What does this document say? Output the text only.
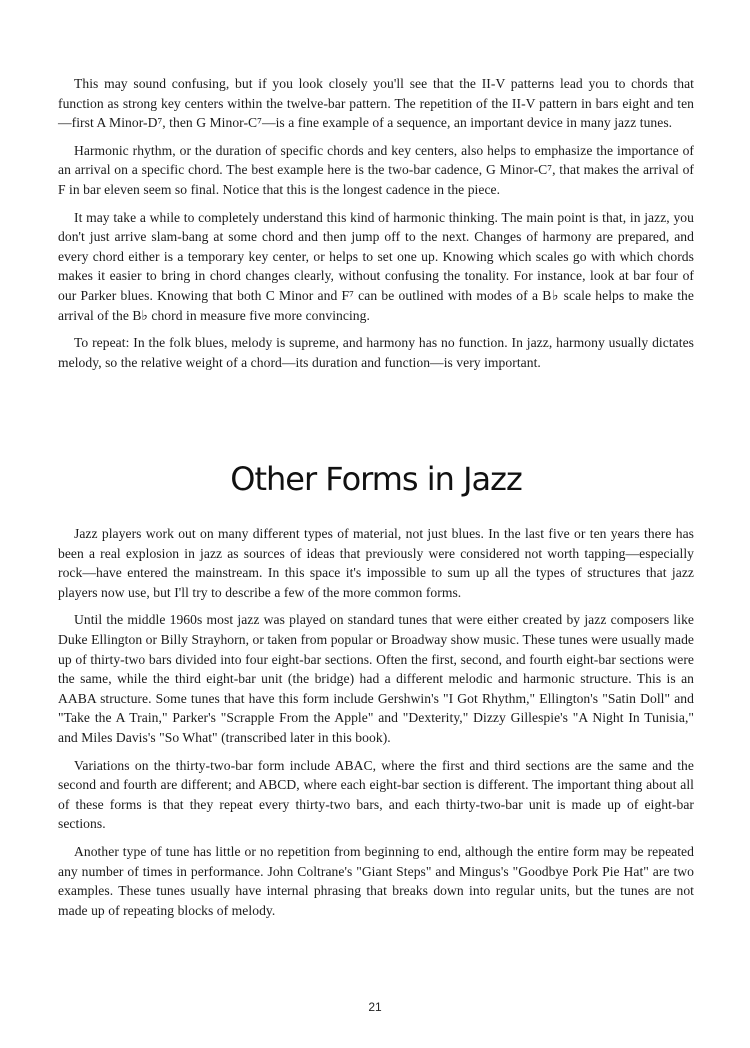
This may sound confusing, but if you look closely you'll see that the II-V patterns lead you to chords that function as strong key centers within the twelve-bar pattern. The repetition of the II-V pattern in bars eight and ten—first A Minor-D⁷, then G Minor-C⁷—is a fine example of a sequence, an important device in many jazz tunes.

Harmonic rhythm, or the duration of specific chords and key centers, also helps to emphasize the importance of an arrival on a specific chord. The best example here is the two-bar cadence, G Minor-C⁷, that makes the arrival of F in bar eleven seem so final. Notice that this is the longest cadence in the piece.

It may take a while to completely understand this kind of harmonic thinking. The main point is that, in jazz, you don't just arrive slam-bang at some chord and then jump off to the next. Changes of harmony are prepared, and every chord either is a temporary key center, or helps to set one up. Knowing which scales go with which chords makes it easier to bring in chord changes clearly, without confusing the tonality. For instance, look at bar four of our Parker blues. Knowing that both C Minor and F⁷ can be outlined with modes of a B♭ scale helps to make the arrival of the B♭ chord in measure five more convincing.

To repeat: In the folk blues, melody is supreme, and harmony has no function. In jazz, harmony usually dictates melody, so the relative weight of a chord—its duration and function—is very important.

Other Forms in Jazz

Jazz players work out on many different types of material, not just blues. In the last five or ten years there has been a real explosion in jazz as sources of ideas that previously were considered not worth tapping—especially rock—have entered the mainstream. In this space it's impossible to sum up all the types of structures that jazz players now use, but I'll try to describe a few of the more common forms.

Until the middle 1960s most jazz was played on standard tunes that were either created by jazz composers like Duke Ellington or Billy Strayhorn, or taken from popular or Broadway show music. These tunes were usually made up of thirty-two bars divided into four eight-bar sections. Often the first, second, and fourth eight-bar sections were the same, while the third eight-bar unit (the bridge) had a different melodic and harmonic structure. This is an AABA structure. Some tunes that have this form include Gershwin's "I Got Rhythm," Ellington's "Satin Doll" and "Take the A Train," Parker's "Scrapple From the Apple" and "Dexterity," Dizzy Gillespie's "A Night In Tunisia," and Miles Davis's "So What" (transcribed later in this book).

Variations on the thirty-two-bar form include ABAC, where the first and third sections are the same and the second and fourth are different; and ABCD, where each eight-bar section is different. The important thing about all of these forms is that they repeat every thirty-two bars, and each thirty-two-bar unit is made up of eight-bar sections.

Another type of tune has little or no repetition from beginning to end, although the entire form may be repeated any number of times in performance. John Coltrane's "Giant Steps" and Mingus's "Goodbye Pork Pie Hat" are two examples. These tunes usually have internal phrasing that breaks down into regular units, but the tunes are not made up of repeating blocks of melody.

21
